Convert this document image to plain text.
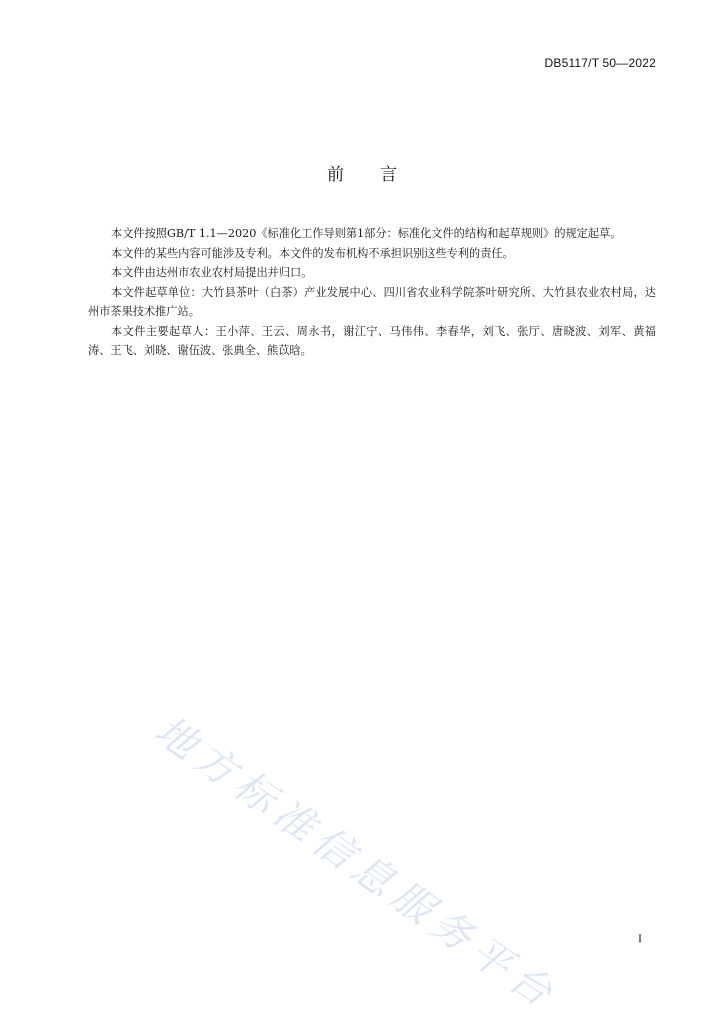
DB5117/T 50—2022
前 言

本文件按照GB/T 1.1—2020《标准化工作导则第1部分：标准化文件的结构和起草规则》的规定起草。

本文件的某些内容可能涉及专利。本文件的发布机构不承担识别这些专利的责任。

本文件由达州市农业农村局提出并归口。

本文件起草单位：大竹县茶叶（白茶）产业发展中心、四川省农业科学院茶叶研究所、大竹县农业农村局，达州市茶果技术推广站。

本文件主要起草人：王小萍、王云、周永书，谢江宁、马伟伟、李春华，刘飞、张厅、唐晓波、刘军、黄福涛、王飞、刘晓、谢伍波、张典全、熊苡晗。

地方标准信息服务平台	I
